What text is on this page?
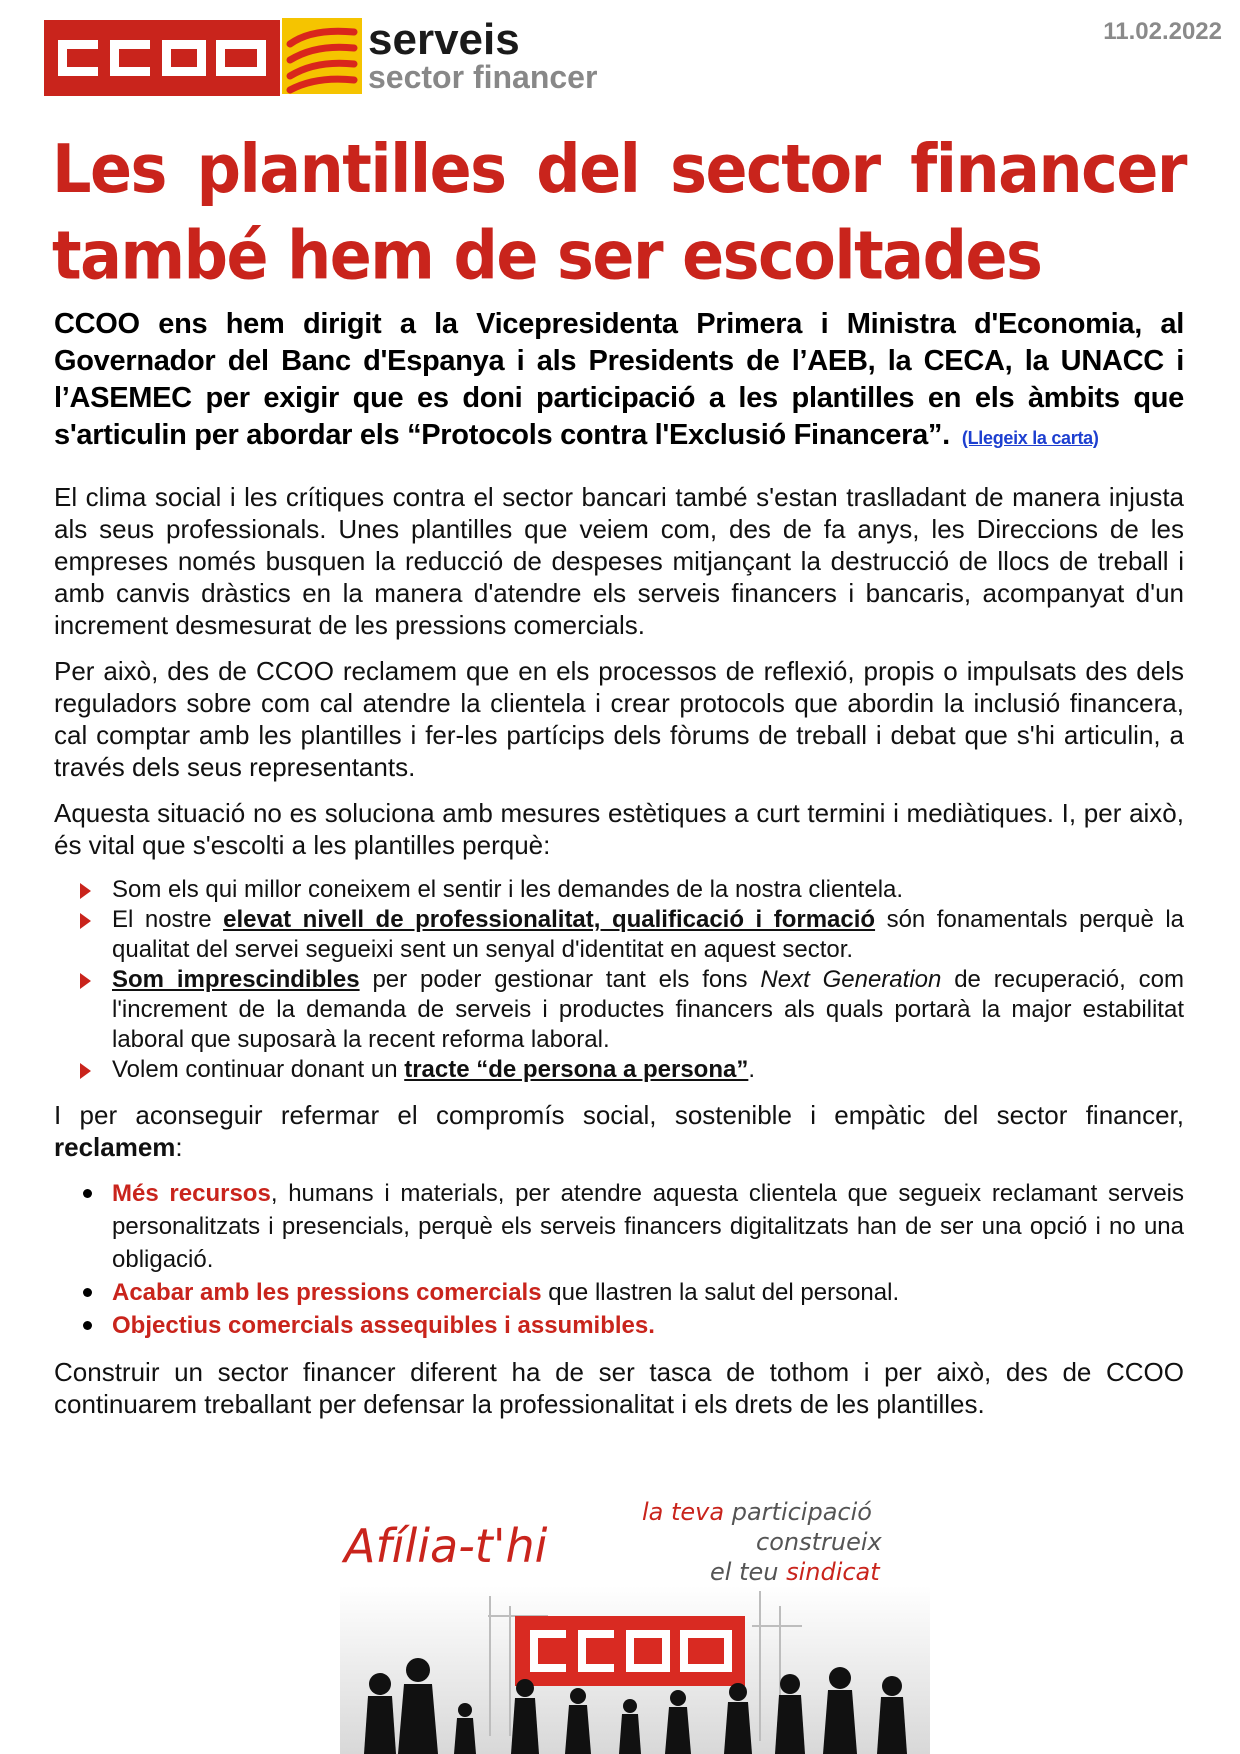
11.02.2022
serveis
sector financer
Les plantilles del sector financer també hem de ser escoltades

CCOO ens hem dirigit a la Vicepresidenta Primera i Ministra d'Economia, al Governador del Banc d'Espanya i als Presidents de l’AEB, la CECA, la UNACC i l’ASEMEC per exigir que es doni participació a les plantilles en els àmbits que s'articulin per abordar els “Protocols contra l'Exclusió Financera”. (Llegeix la carta)

El clima social i les crítiques contra el sector bancari també s'estan traslladant de manera injusta als seus professionals. Unes plantilles que veiem com, des de fa anys, les Direccions de les empreses només busquen la reducció de despeses mitjançant la destrucció de llocs de treball i amb canvis dràstics en la manera d'atendre els serveis financers i bancaris, acompanyat d'un increment desmesurat de les pressions comercials.

Per això, des de CCOO reclamem que en els processos de reflexió, propis o impulsats des dels reguladors sobre com cal atendre la clientela i crear protocols que abordin la inclusió financera, cal comptar amb les plantilles i fer-les partícips dels fòrums de treball i debat que s'hi articulin, a través dels seus representants.

Aquesta situació no es soluciona amb mesures estètiques a curt termini i mediàtiques. I, per això, és vital que s'escolti a les plantilles perquè:

Som els qui millor coneixem el sentir i les demandes de la nostra clientela.
El nostre elevat nivell de professionalitat, qualificació i formació són fonamentals perquè la qualitat del servei segueixi sent un senyal d'identitat en aquest sector.
Som imprescindibles per poder gestionar tant els fons Next Generation de recuperació, com l'increment de la demanda de serveis i productes financers als quals portarà la major estabilitat laboral que suposarà la recent reforma laboral.
Volem continuar donant un tracte “de persona a persona”.

I per aconseguir refermar el compromís social, sostenible i empàtic del sector financer, reclamem:

Més recursos, humans i materials, per atendre aquesta clientela que segueix reclamant serveis personalitzats i presencials, perquè els serveis financers digitalitzats han de ser una opció i no una obligació.
Acabar amb les pressions comercials que llastren la salut del personal.
Objectius comercials assequibles i assumibles.

Construir un sector financer diferent ha de ser tasca de tothom i per això, des de CCOO continuarem treballant per defensar la professionalitat i els drets de les plantilles.

Afília-t'hi
la teva participació
construeix
el teu sindicat
